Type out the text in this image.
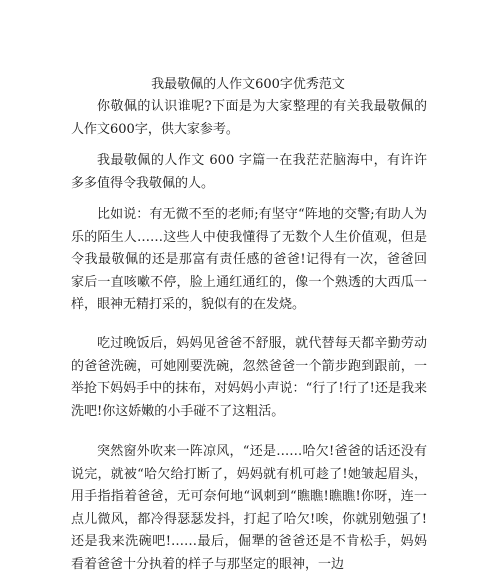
我最敬佩的人作文600字优秀范文

你敬佩的认识谁呢?下面是为大家整理的有关我最敬佩的人作文600字，供大家参考。

我最敬佩的人作文 600 字篇一在我茫茫脑海中，有许许多多值得令我敬佩的人。

比如说：有无微不至的老师;有坚守“阵地的交警;有助人为乐的陌生人……这些人中使我懂得了无数个人生价值观，但是令我最敬佩的还是那富有责任感的爸爸!记得有一次，爸爸回家后一直咳嗽不停，脸上通红通红的，像一个熟透的大西瓜一样，眼神无精打采的，貌似有的在发烧。

吃过晚饭后，妈妈见爸爸不舒服，就代替每天都辛勤劳动的爸爸洗碗，可她刚要洗碗，忽然爸爸一个箭步跑到跟前，一举抢下妈妈手中的抹布，对妈妈小声说：“行了!行了!还是我来洗吧!你这娇嫩的小手碰不了这粗活。

突然窗外吹来一阵凉风，“还是……哈欠!爸爸的话还没有说完，就被“哈欠给打断了，妈妈就有机可趁了!她皱起眉头，用手指指着爸爸，无可奈何地“讽刺到“瞧瞧!瞧瞧!你呀，连一点儿微风，都冷得瑟瑟发抖，打起了哈欠!唉，你就别勉强了!还是我来洗碗吧!……最后，倔犟的爸爸还是不肯松手，妈妈看着爸爸十分执着的样子与那坚定的眼神，一边
